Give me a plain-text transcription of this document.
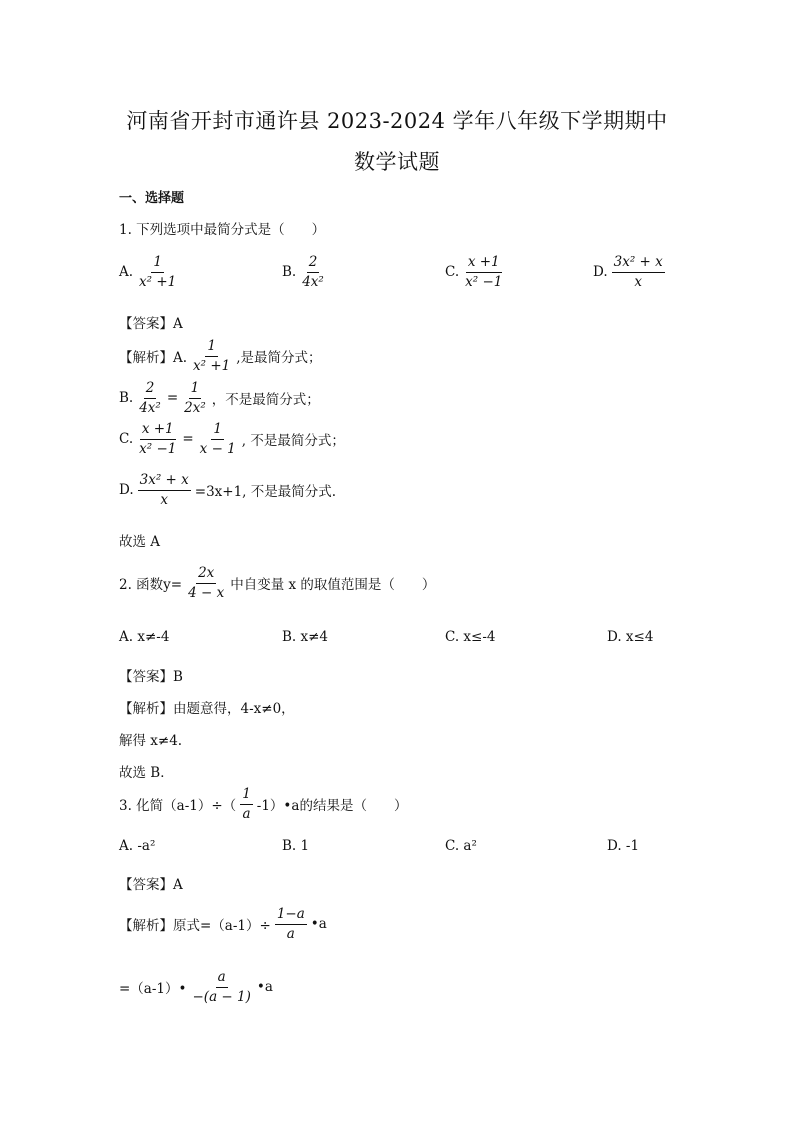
河南省开封市通许县 2023-2024 学年八年级下学期期中
数学试题
一、选择题
1. 下列选项中最简分式是（　　）
A. $\frac{1}{\text{x² +1}}$	B. $\frac{2}{\text{4x²}}$	C. $\frac{x +1}{\text{x² −1}}$	D. $\frac{\text{3x² + x}}{x}$
【答案】A
【解析】A. $\frac{1}{\text{x² +1}}$ ,是最简分式；
B. $\frac{2}{\text{4x²}} = \frac{1}{\text{2x²}}$ ，不是最简分式；
C. $\frac{x +1}{\text{x² −1}} = \frac{1}{x - 1}$ , 不是最简分式；
D. $\frac{\text{3x² + x}}{x} =3x+1$, 不是最简分式.
故选 A
2. 函数$y= \frac{2x}{4 - x}$ 中自变量 x 的取值范围是（　　）
A. x≠-4	B. x≠4	C. x≤-4	D. x≤4
【答案】B
【解析】由题意得，4-x≠0，
解得 x≠4.
故选 B．
3. 化简$(a-1)\div( \frac{1}{a}$ -1）•a的结果是（　　）
A. -a²	B. 1	C. a²	D. -1
【答案】A
【解析】原式$=(a-1)\div \frac{1-a}{a}$ •a
=（a-1）• $\frac{a}{-(a - 1)}$ •a
